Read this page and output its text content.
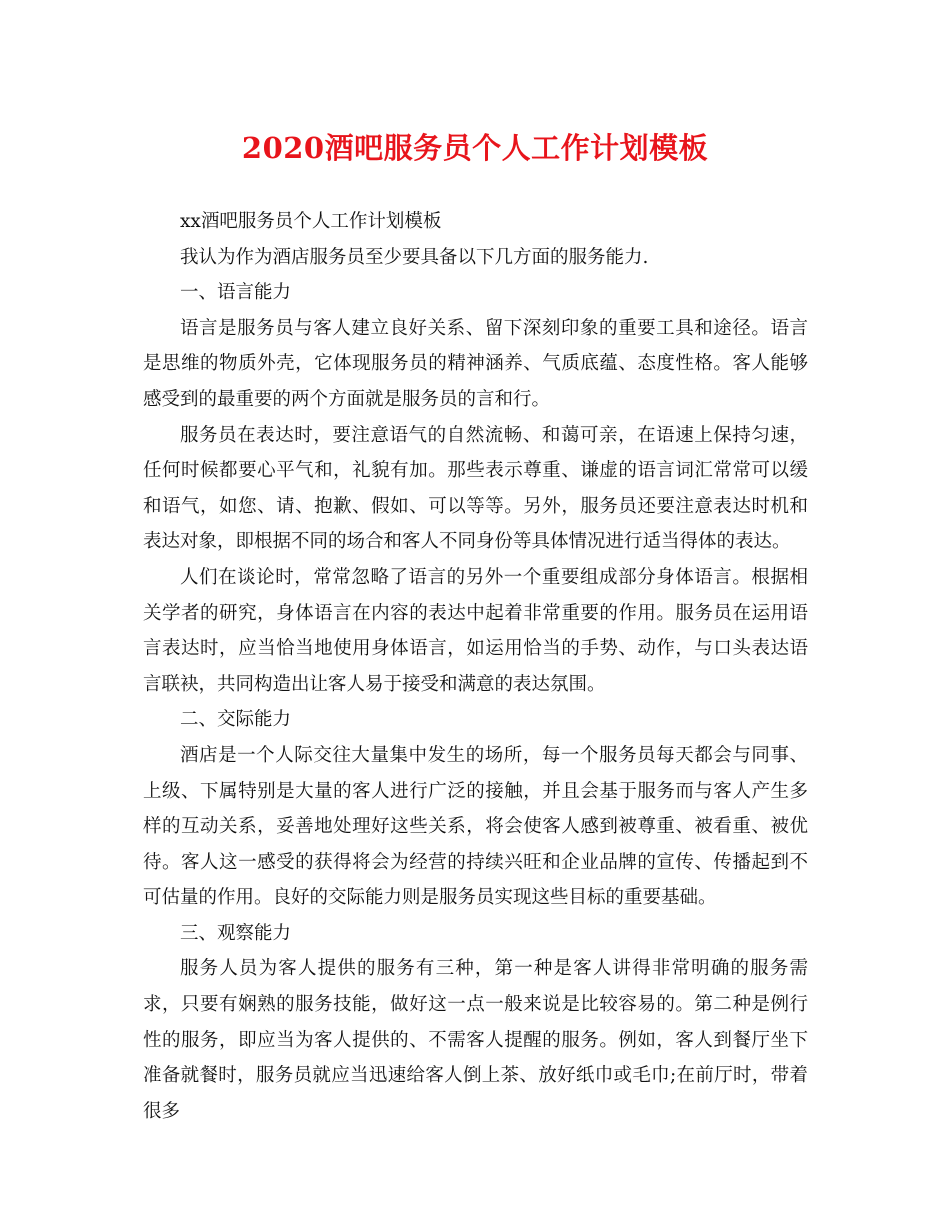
2020酒吧服务员个人工作计划模板

xx酒吧服务员个人工作计划模板

我认为作为酒店服务员至少要具备以下几方面的服务能力.

一、语言能力

语言是服务员与客人建立良好关系、留下深刻印象的重要工具和途径。语言是思维的物质外壳，它体现服务员的精神涵养、气质底蕴、态度性格。客人能够感受到的最重要的两个方面就是服务员的言和行。

服务员在表达时，要注意语气的自然流畅、和蔼可亲，在语速上保持匀速，任何时候都要心平气和，礼貌有加。那些表示尊重、谦虚的语言词汇常常可以缓和语气，如您、请、抱歉、假如、可以等等。另外，服务员还要注意表达时机和表达对象，即根据不同的场合和客人不同身份等具体情况进行适当得体的表达。

人们在谈论时，常常忽略了语言的另外一个重要组成部分身体语言。根据相关学者的研究，身体语言在内容的表达中起着非常重要的作用。服务员在运用语言表达时，应当恰当地使用身体语言，如运用恰当的手势、动作，与口头表达语言联袂，共同构造出让客人易于接受和满意的表达氛围。

二、交际能力

酒店是一个人际交往大量集中发生的场所，每一个服务员每天都会与同事、上级、下属特别是大量的客人进行广泛的接触，并且会基于服务而与客人产生多样的互动关系，妥善地处理好这些关系，将会使客人感到被尊重、被看重、被优待。客人这一感受的获得将会为经营的持续兴旺和企业品牌的宣传、传播起到不可估量的作用。良好的交际能力则是服务员实现这些目标的重要基础。

三、观察能力

服务人员为客人提供的服务有三种，第一种是客人讲得非常明确的服务需求，只要有娴熟的服务技能，做好这一点一般来说是比较容易的。第二种是例行性的服务，即应当为客人提供的、不需客人提醒的服务。例如，客人到餐厅坐下准备就餐时，服务员就应当迅速给客人倒上茶、放好纸巾或毛巾;在前厅时，带着很多
